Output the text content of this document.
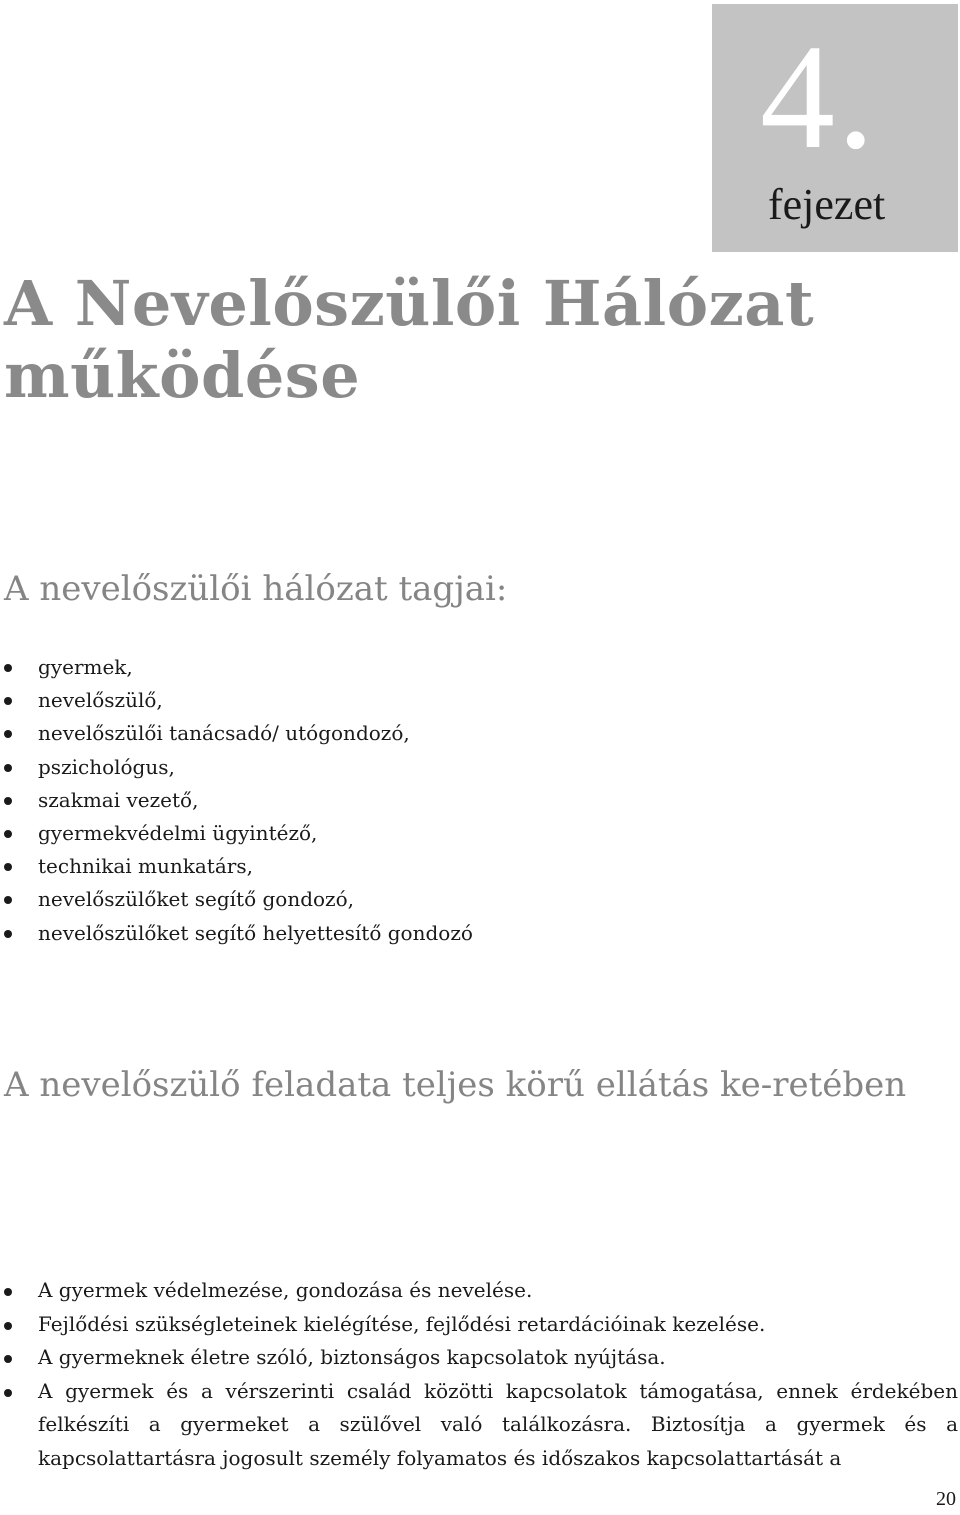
4.
fejezet
A Nevelőszülői Hálózat működése
A nevelőszülői hálózat tagjai:
gyermek,
nevelőszülő,
nevelőszülői tanácsadó/ utógondozó,
pszichológus,
szakmai vezető,
gyermekvédelmi ügyintéző,
technikai munkatárs,
nevelőszülőket segítő gondozó,
nevelőszülőket segítő helyettesítő gondozó
A nevelőszülő feladata teljes körű ellátás ke-retében
A gyermek védelmezése, gondozása és nevelése.
Fejlődési szükségleteinek kielégítése, fejlődési retardációinak kezelése.
A gyermeknek életre szóló, biztonságos kapcsolatok nyújtása.
A gyermek és a vérszerinti család közötti kapcsolatok támogatása, ennek érdekében felkészíti a gyermeket a szülővel való találkozásra. Biztosítja a gyermek és a kapcsolattartásra jogosult személy folyamatos és időszakos kapcsolattartását a
20
